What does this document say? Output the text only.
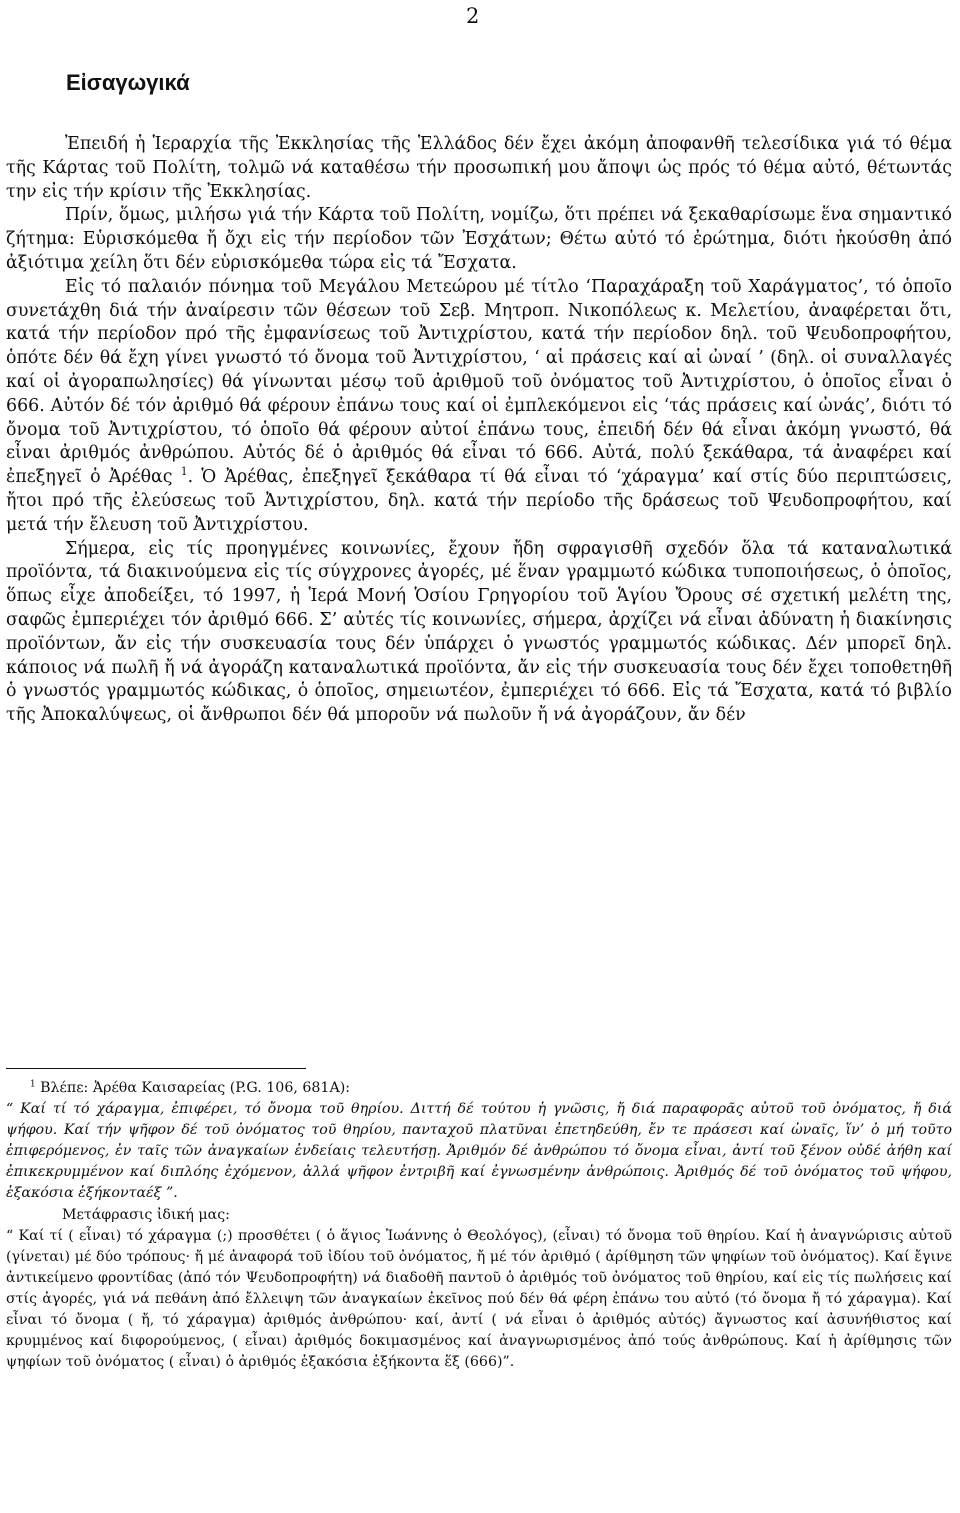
2
Εἰσαγωγικά

Ἐπειδή ἡ Ἱεραρχία τῆς Ἐκκλησίας τῆς Ἑλλάδος δέν ἔχει ἀκόμη ἀποφανθῆ τελεσίδικα γιά τό θέμα τῆς Κάρτας τοῦ Πολίτη, τολμῶ νά καταθέσω τήν προσωπική μου ἄποψι ὡς πρός τό θέμα αὐτό, θέτωντάς την εἰς τήν κρίσιν τῆς Ἐκκλησίας.

Πρίν, ὅμως, μιλήσω γιά τήν Κάρτα τοῦ Πολίτη, νομίζω, ὅτι πρέπει νά ξεκαθαρίσωμε ἕνα σημαντικό ζήτημα: Εὑρισκόμεθα ἤ ὄχι εἰς τήν περίοδον τῶν Ἐσχάτων; Θέτω αὐτό τό ἐρώτημα, διότι ἠκούσθη ἀπό ἀξιότιμα χείλη ὅτι δέν εὑρισκόμεθα τώρα εἰς τά Ἔσχατα.

Εἰς τό παλαιόν πόνημα τοῦ Μεγάλου Μετεώρου μέ τίτλο ‘Παραχάραξη τοῦ Χαράγματος’, τό ὁποῖο συνετάχθη διά τήν ἀναίρεσιν τῶν θέσεων τοῦ Σεβ. Μητροπ. Νικοπόλεως κ. Μελετίου, ἀναφέρεται ὅτι, κατά τήν περίοδον πρό τῆς ἐμφανίσεως τοῦ Ἀντιχρίστου, κατά τήν περίοδον δηλ. τοῦ Ψευδοπροφήτου, ὁπότε δέν θά ἔχη γίνει γνωστό τό ὄνομα τοῦ Ἀντιχρίστου, ‘ αἱ πράσεις καί αἱ ὠναί ’ (δηλ. οἱ συναλλαγές καί οἱ ἀγοραπωλησίες) θά γίνωνται μέσῳ τοῦ ἀριθμοῦ τοῦ ὀνόματος τοῦ Ἀντιχρίστου, ὁ ὁποῖος εἶναι ὁ 666. Αὐτόν δέ τόν ἀριθμό θά φέρουν ἐπάνω τους καί οἱ ἐμπλεκόμενοι εἰς ‘τάς πράσεις καί ὠνάς’, διότι τό ὄνομα τοῦ Ἀντιχρίστου, τό ὁποῖο θά φέρουν αὐτοί ἐπάνω τους, ἐπειδή δέν θά εἶναι ἀκόμη γνωστό, θά εἶναι ἀριθμός ἀνθρώπου. Αὐτός δέ ὁ ἀριθμός θά εἶναι τό 666. Αὐτά, πολύ ξεκάθαρα, τά ἀναφέρει καί ἐπεξηγεῖ ὁ Ἀρέθας $^1$. Ὁ Ἀρέθας, ἐπεξηγεῖ ξεκάθαρα τί θά εἶναι τό ‘χάραγμα’ καί στίς δύο περιπτώσεις, ἤτοι πρό τῆς ἐλεύσεως τοῦ Ἀντιχρίστου, δηλ. κατά τήν περίοδο τῆς δράσεως τοῦ Ψευδοπροφήτου, καί μετά τήν ἔλευση τοῦ Ἀντιχρίστου.

Σήμερα, εἰς τίς προηγμένες κοινωνίες, ἔχουν ἤδη σφραγισθῆ σχεδόν ὅλα τά καταναλωτικά προϊόντα, τά διακινούμενα εἰς τίς σύγχρονες ἀγορές, μέ ἕναν γραμμωτό κώδικα τυποποιήσεως, ὁ ὁποῖος, ὅπως εἶχε ἀποδείξει, τό 1997, ἡ Ἱερά Μονή Ὁσίου Γρηγορίου τοῦ Ἁγίου Ὄρους σέ σχετική μελέτη της, σαφῶς ἐμπεριέχει τόν ἀριθμό 666. Σ’ αὐτές τίς κοινωνίες, σήμερα, ἀρχίζει νά εἶναι ἀδύνατη ἡ διακίνησις προϊόντων, ἄν εἰς τήν συσκευασία τους δέν ὑπάρχει ὁ γνωστός γραμμωτός κώδικας. Δέν μπορεῖ δηλ. κάποιος νά πωλῆ ἤ νά ἀγοράζη καταναλωτικά προϊόντα, ἄν εἰς τήν συσκευασία τους δέν ἔχει τοποθετηθῆ ὁ γνωστός γραμμωτός κώδικας, ὁ ὁποῖος, σημειωτέον, ἐμπεριέχει τό 666. Εἰς τά Ἔσχατα, κατά τό βιβλίο τῆς Ἀποκαλύψεως, οἱ ἄνθρωποι δέν θά μποροῦν νά πωλοῦν ἤ νά ἀγοράζουν, ἄν δέν

$^1$ Βλέπε: Ἀρέθα Καισαρείας (P.G. 106, 681A):

“ Καί τί τό χάραγμα, ἐπιφέρει, τό ὄνομα τοῦ θηρίου. Διττή δέ τούτου ἡ γνῶσις, ἤ διά παραφορᾶς αὐτοῦ τοῦ ὀνόματος, ἤ διά ψήφου. Καί τήν ψῆφον δέ τοῦ ὀνόματος τοῦ θηρίου, πανταχοῦ πλατῦναι ἐπετηδεύθη, ἔν τε πράσεσι καί ὠναῖς, ἵν’ ὁ μή τοῦτο ἐπιφερόμενος, ἐν ταῖς τῶν ἀναγκαίων ἐνδείαις τελευτήσῃ. Ἀριθμόν δέ ἀνθρώπου τό ὄνομα εἶναι, ἀντί τοῦ ξένον οὐδέ ἀήθη καί ἐπικεκρυμμένον καί διπλόης ἐχόμενον, ἀλλά ψῆφον ἐντριβῆ καί ἐγνωσμένην ἀνθρώποις. Ἀριθμός δέ τοῦ ὀνόματος τοῦ ψήφου, ἑξακόσια ἑξήκονταέξ ”.

Μετάφρασις ἰδική μας:

“ Καί τί ( εἶναι) τό χάραγμα (;) προσθέτει ( ὁ ἅγιος Ἰωάννης ὁ Θεολόγος), (εἶναι) τό ὄνομα τοῦ θηρίου. Καί ἡ ἀναγνώρισις αὐτοῦ (γίνεται) μέ δύο τρόπους· ἤ μέ ἀναφορά τοῦ ἰδίου τοῦ ὀνόματος, ἤ μέ τόν ἀριθμό ( ἀρίθμηση τῶν ψηφίων τοῦ ὀνόματος). Καί ἔγινε ἀντικείμενο φροντίδας (ἀπό τόν Ψευδοπροφήτη) νά διαδοθῆ παντοῦ ὁ ἀριθμός τοῦ ὀνόματος τοῦ θηρίου, καί εἰς τίς πωλήσεις καί στίς ἀγορές, γιά νά πεθάνη ἀπό ἔλλειψη τῶν ἀναγκαίων ἐκεῖνος πού δέν θά φέρη ἐπάνω του αὐτό (τό ὄνομα ἤ τό χάραγμα). Καί εἶναι τό ὄνομα ( ἤ, τό χάραγμα) ἀριθμός ἀνθρώπου· καί, ἀντί ( νά εἶναι ὁ ἀριθμός αὐτός) ἄγνωστος καί ἀσυνήθιστος καί κρυμμένος καί διφορούμενος, ( εἶναι) ἀριθμός δοκιμασμένος καί ἀναγνωρισμένος ἀπό τούς ἀνθρώπους. Καί ἡ ἀρίθμησις τῶν ψηφίων τοῦ ὀνόματος ( εἶναι) ὁ ἀριθμός ἑξακόσια ἑξήκοντα ἕξ (666)”.
